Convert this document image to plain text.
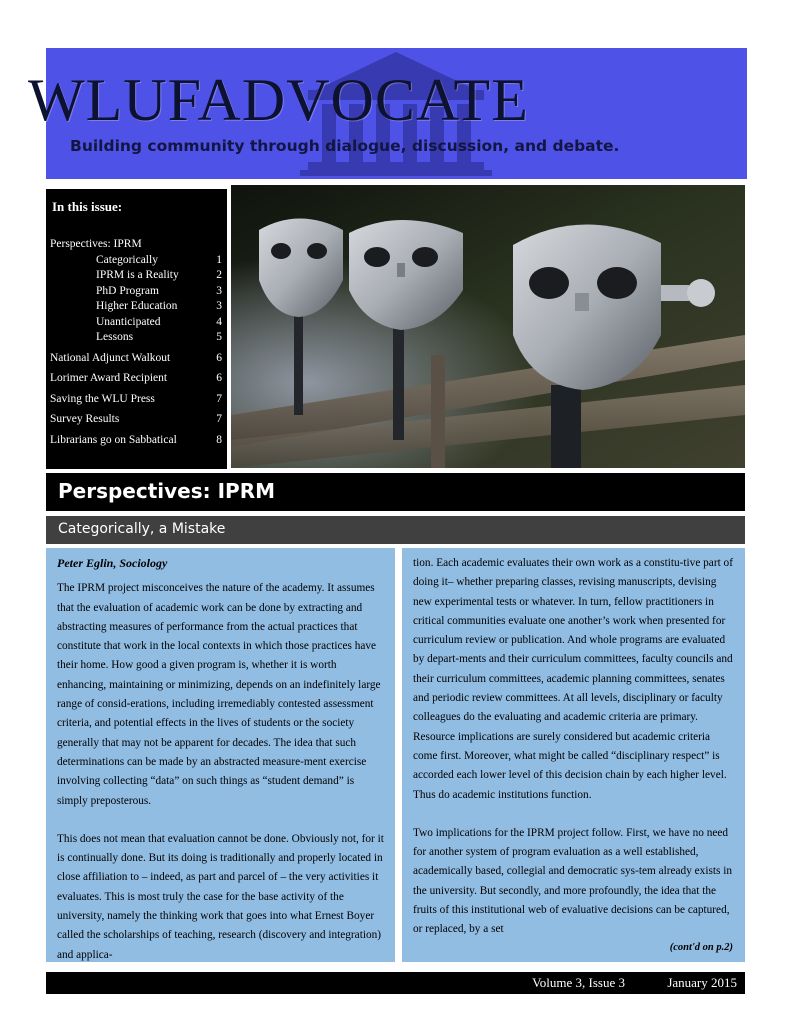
WLUFADVOCATE
Building community through dialogue, discussion, and debate.
In this issue:
Perspectives: IPRM
Categorically	1
IPRM is a Reality	2
PhD Program	3
Higher Education	3
Unanticipated	4
Lessons	5
National Adjunct Walkout	6
Lorimer Award Recipient	6
Saving the WLU Press	7
Survey Results	7
Librarians go on Sabbatical	8
Perspectives: IPRM
Categorically, a Mistake
Peter Eglin, Sociology

The IPRM project misconceives the nature of the academy. It assumes that the evaluation of academic work can be done by extracting and abstracting measures of performance from the actual practices that constitute that work in the local contexts in which those practices have their home. How good a given program is, whether it is worth enhancing, maintaining or minimizing, depends on an indefinitely large range of consid-erations, including irremediably contested assessment criteria, and potential effects in the lives of students or the society generally that may not be apparent for decades. The idea that such determinations can be made by an abstracted measure-ment exercise involving collecting “data” on such things as “student demand” is simply preposterous.

This does not mean that evaluation cannot be done. Obviously not, for it is continually done. But its doing is traditionally and properly located in close affiliation to – indeed, as part and parcel of – the very activities it evaluates. This is most truly the case for the base activity of the university, namely the thinking work that goes into what Ernest Boyer called the scholarships of teaching, research (discovery and integration) and applica-

tion. Each academic evaluates their own work as a constitu-tive part of doing it– whether preparing classes, revising manuscripts, devising new experimental tests or whatever. In turn, fellow practitioners in critical communities evaluate one another’s work when presented for curriculum review or publication. And whole programs are evaluated by depart-ments and their curriculum committees, faculty councils and their curriculum committees, academic planning committees, senates and periodic review committees. At all levels, disciplinary or faculty colleagues do the evaluating and academic criteria are primary. Resource implications are surely considered but academic criteria come first. Moreover, what might be called “disciplinary respect” is accorded each lower level of this decision chain by each higher level. Thus do academic institutions function.

Two implications for the IPRM project follow. First, we have no need for another system of program evaluation as a well established, academically based, collegial and democratic sys-tem already exists in the university. But secondly, and more profoundly, the idea that the fruits of this institutional web of evaluative decisions can be captured, or replaced, by a set

(cont'd on p.2)
Volume 3, Issue 3	January 2015
